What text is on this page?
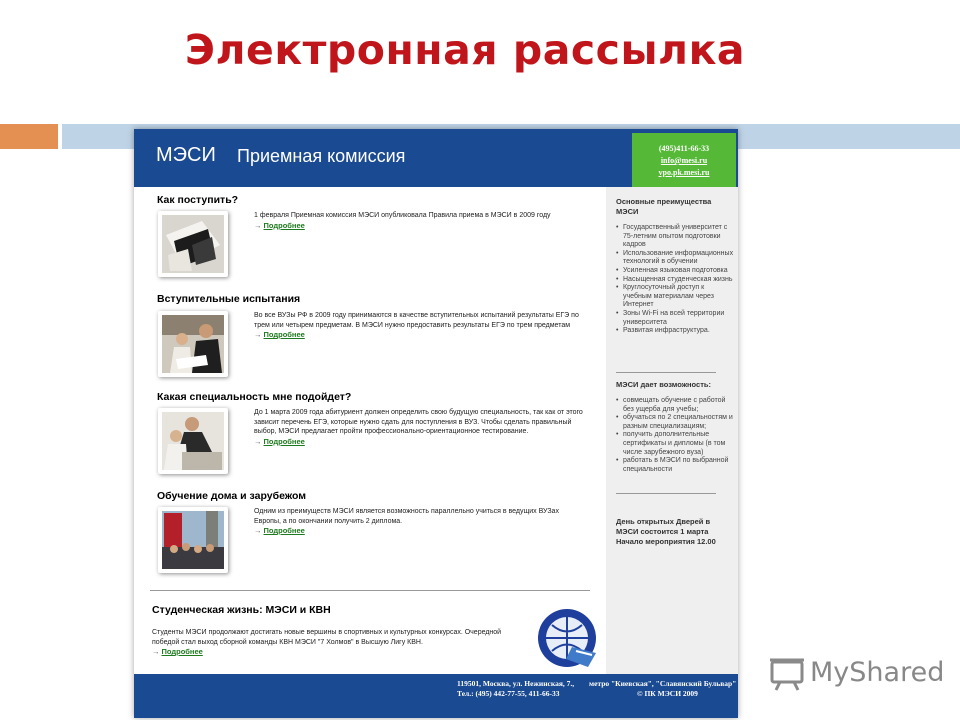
Электронная рассылка
МЭСИ Приемная комиссия	(495)411-66-33
info@mesi.ru
vpo.pk.mesi.ru
Как поступить?
1 февраля Приемная комиссия МЭСИ опубликовала Правила приема в МЭСИ в 2009 году
→ Подробнее
Вступительные испытания
Во все ВУЗы РФ в 2009 году принимаются в качестве вступительных испытаний результаты ЕГЭ по трем или четырем предметам. В МЭСИ нужно предоставить результаты ЕГЭ по трем предметам
→ Подробнее
Какая специальность мне подойдет?
До 1 марта 2009 года абитуриент должен определить свою будущую специальность, так как от этого зависит перечень ЕГЭ, которые нужно сдать для поступления в ВУЗ. Чтобы сделать правильный выбор, МЭСИ предлагает пройти профессионально-ориентационное тестирование.
→ Подробнее
Обучение дома и зарубежом
Одним из преимуществ МЭСИ является возможность параллельно учиться в ведущих ВУЗах Европы, а по окончании получить 2 диплома.
→ Подробнее
Студенческая жизнь: МЭСИ и КВН
Студенты МЭСИ продолжают достигать новые вершины в спортивных и культурных конкурсах. Очередной победой стал выход сборной команды КВН МЭСИ "7 Холмов" в Высшую Лигу КВН.
→ Подробнее
Основные преимущества МЭСИ
• Государственный университет с 75-летним опытом подготовки кадров
• Использование информационных технологий в обучении
• Усиленная языковая подготовка
• Насыщенная студенческая жизнь
• Круглосуточный доступ к учебным материалам через Интернет
• Зоны Wi-Fi на всей территории университета
• Развитая инфраструктура.
МЭСИ дает возможность:
• совмещать обучение с работой без ущерба для учебы;
• обучаться по 2 специальностям и разным специализациям;
• получить дополнительные сертификаты и дипломы (в том числе зарубежного вуза)
• работать в МЭСИ по выбранной специальности
День открытых Дверей в МЭСИ состоится 1 марта Начало мероприятия 12.00
119501, Москва, ул. Нежинская, 7.,
Тел.: (495) 442-77-55, 411-66-33
метро "Киевская", "Славянский Бульвар"
© ПК МЭСИ 2009
MyShared
